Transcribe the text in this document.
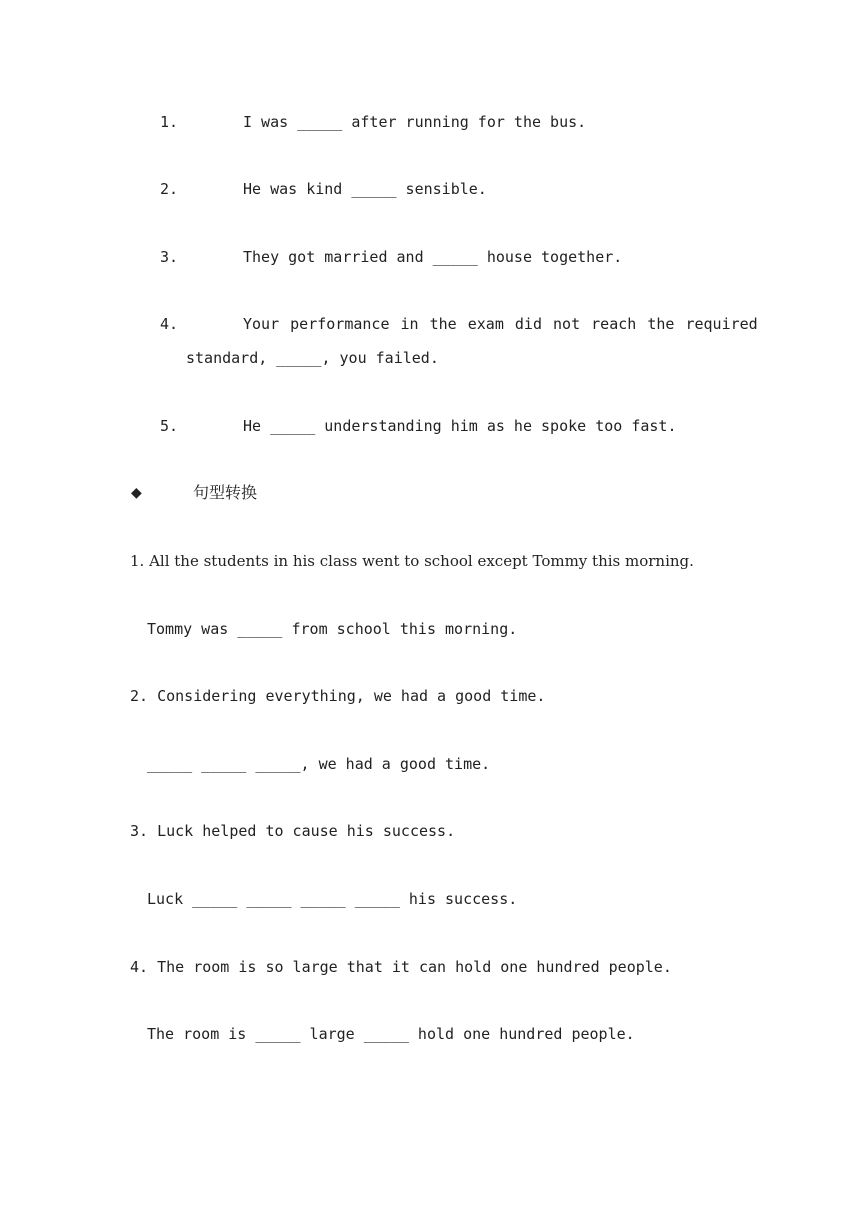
1.	I was _____ after running for the bus.
2.	He was kind _____ sensible.
3.	They got married and _____ house together.
4.	Your performance in the exam did not reach the required
standard, _____, you failed.
5.	He _____ understanding him as he spoke too fast.
◆	句型转换
1. All the students in his class went to school except Tommy this morning.
Tommy was _____ from school this morning.
2. Considering everything, we had a good time.
_____ _____ _____, we had a good time.
3. Luck helped to cause his success.
Luck _____ _____ _____ _____ his success.
4. The room is so large that it can hold one hundred people.
The room is _____ large _____ hold one hundred people.
